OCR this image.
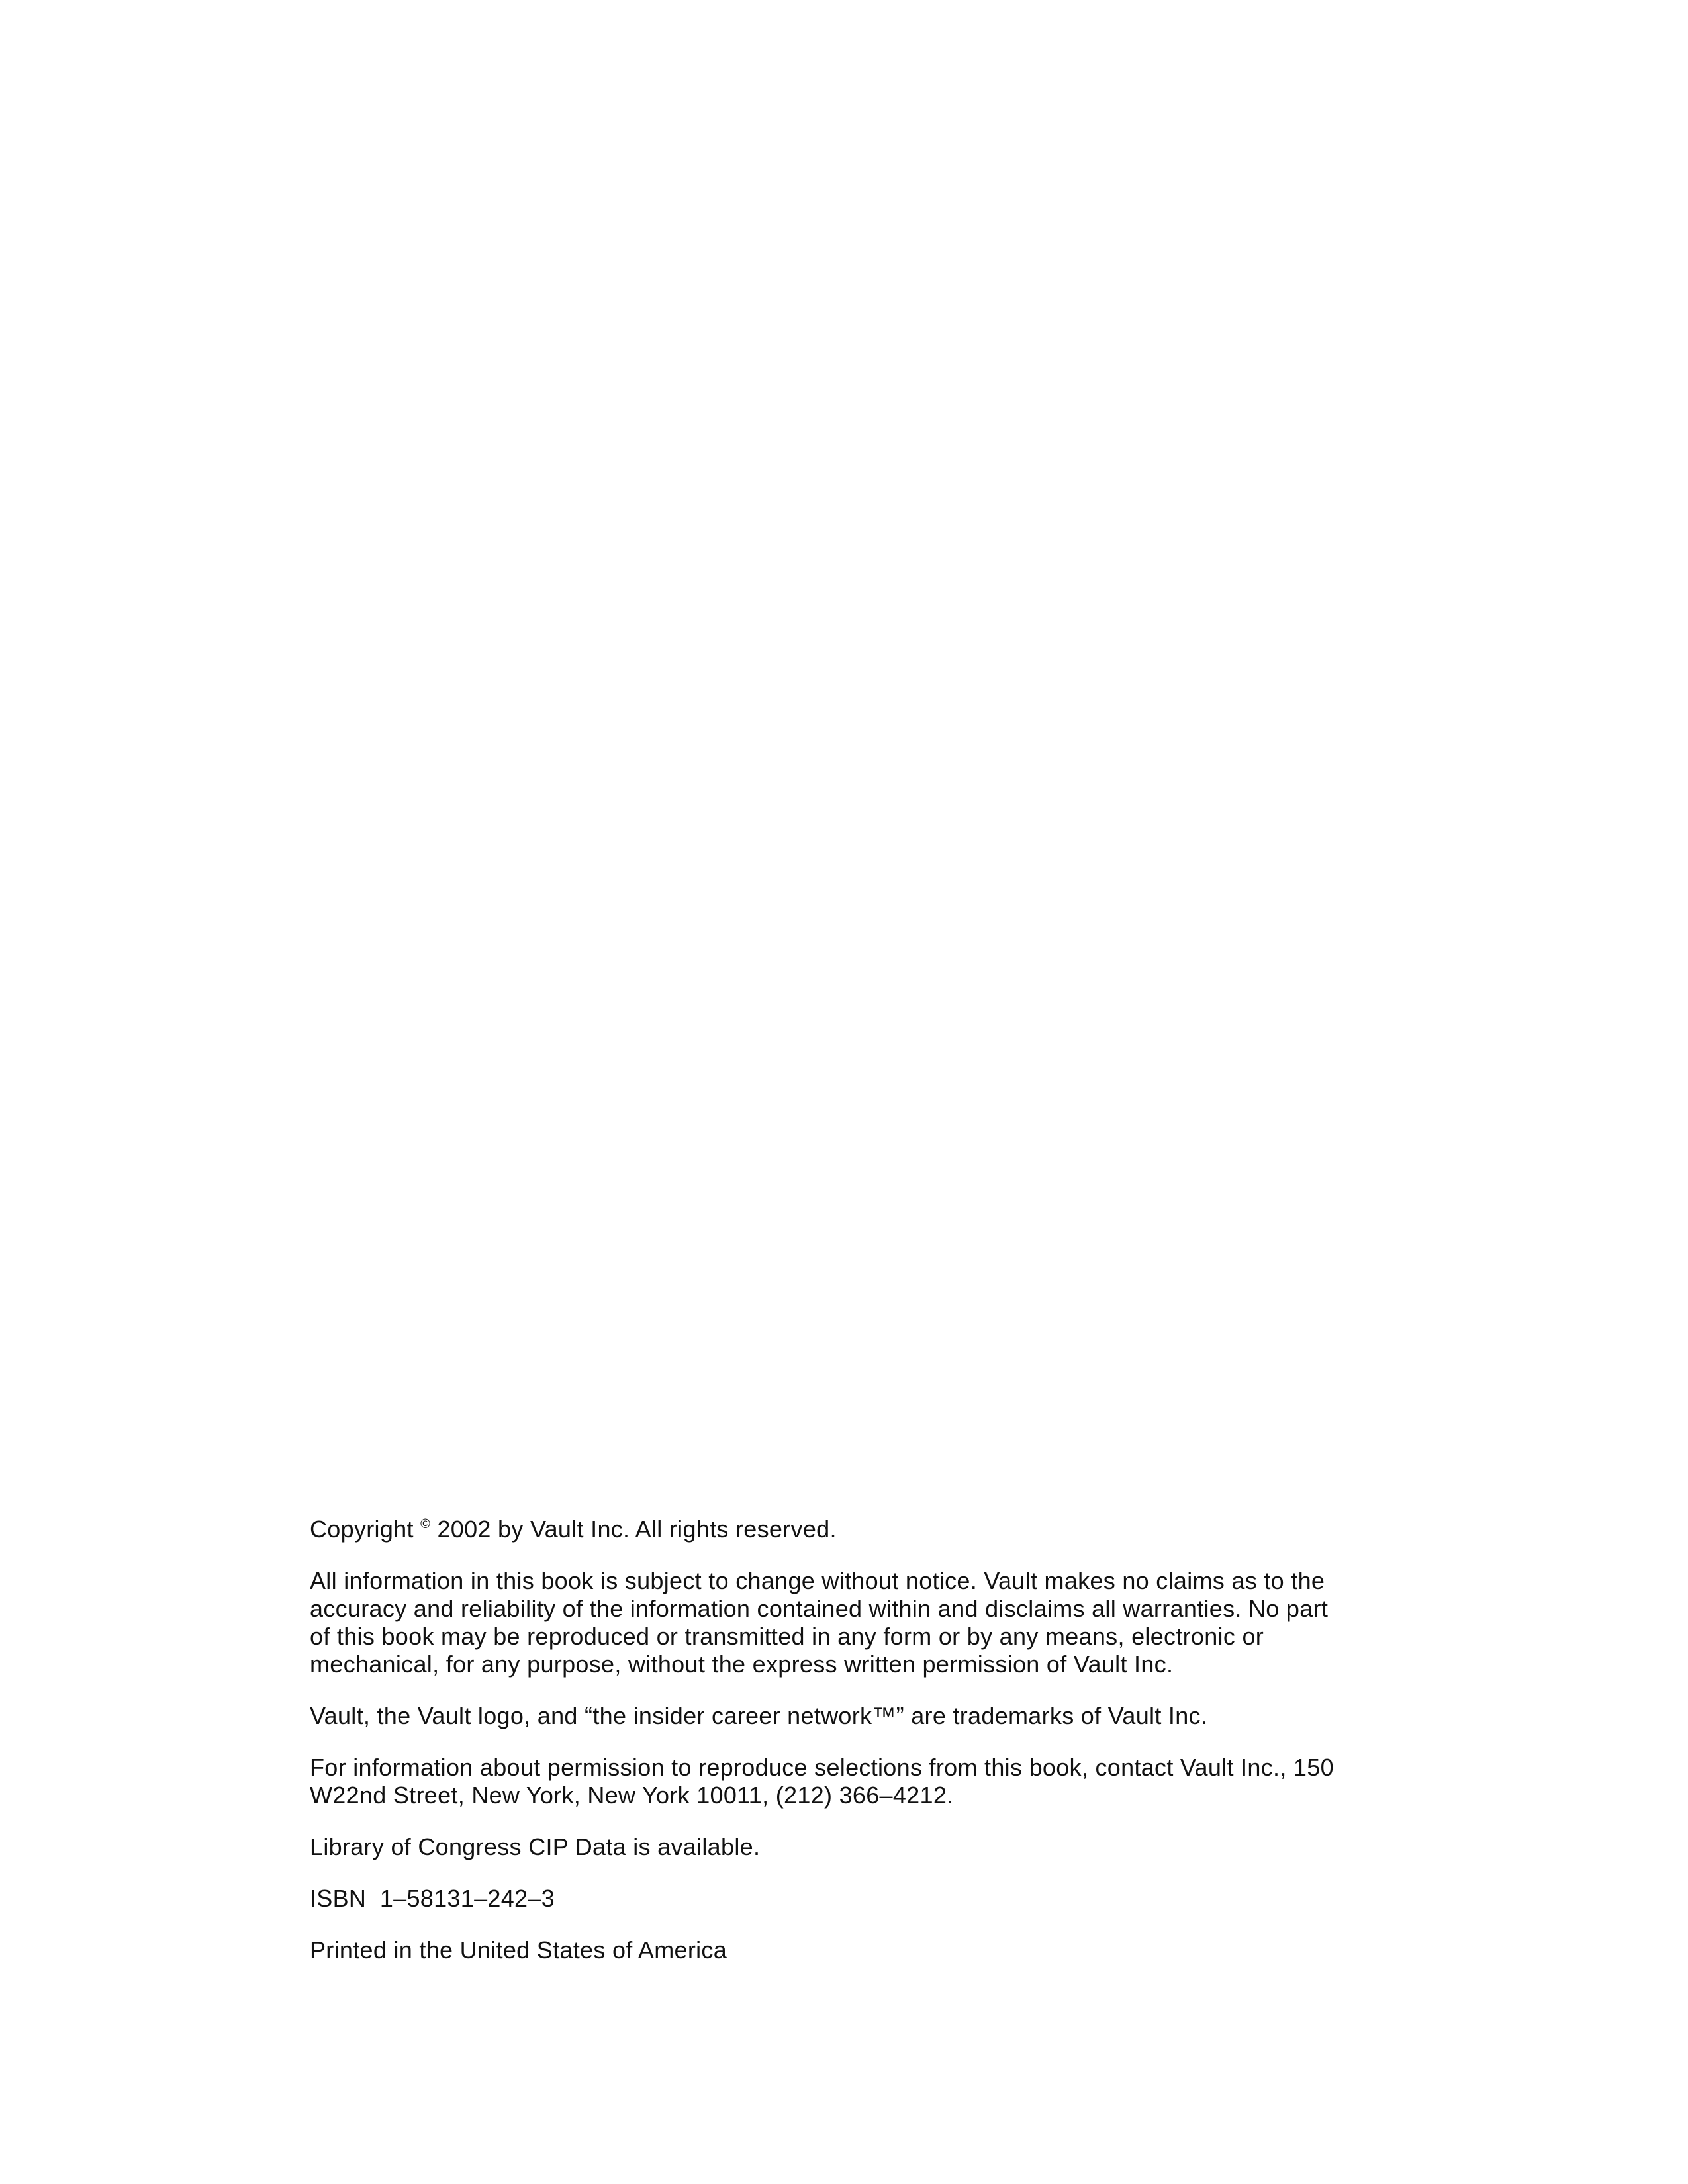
Copyright © 2002 by Vault Inc. All rights reserved.

All information in this book is subject to change without notice. Vault makes no claims as to the accuracy and reliability of the information contained within and disclaims all warranties. No part of this book may be reproduced or transmitted in any form or by any means, electronic or mechanical, for any purpose, without the express written permission of Vault Inc.

Vault, the Vault logo, and “the insider career network™” are trademarks of Vault Inc.

For information about permission to reproduce selections from this book, contact Vault Inc., 150 W22nd Street, New York, New York 10011, (212) 366–4212.

Library of Congress CIP Data is available.

ISBN  1–58131–242–3

Printed in the United States of America
